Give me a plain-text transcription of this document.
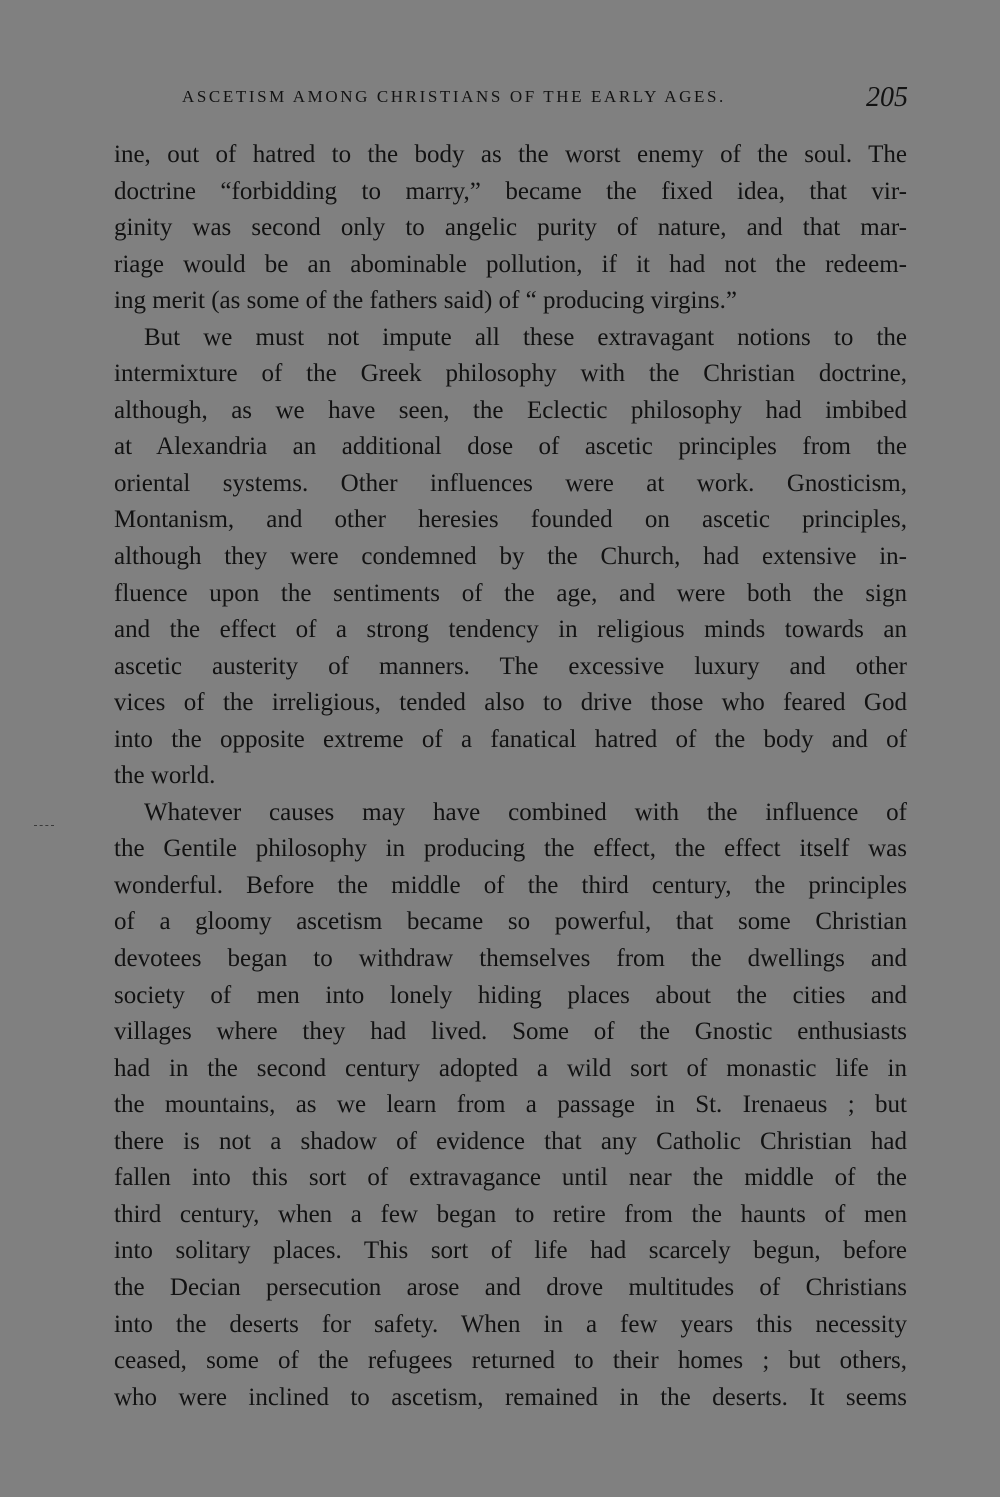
ASCETISM AMONG CHRISTIANS OF THE EARLY AGES.	205
ine, out of hatred to the body as the worst enemy of the soul. The
doctrine “forbidding to marry,” became the fixed idea, that vir-
ginity was second only to angelic purity of nature, and that mar-
riage would be an abominable pollution, if it had not the redeem-
ing merit (as some of the fathers said) of “ producing virgins.”
But we must not impute all these extravagant notions to the
intermixture of the Greek philosophy with the Christian doctrine,
although, as we have seen, the Eclectic philosophy had imbibed
at Alexandria an additional dose of ascetic principles from the
oriental systems. Other influences were at work. Gnosticism,
Montanism, and other heresies founded on ascetic principles,
although they were condemned by the Church, had extensive in-
fluence upon the sentiments of the age, and were both the sign
and the effect of a strong tendency in religious minds towards an
ascetic austerity of manners. The excessive luxury and other
vices of the irreligious, tended also to drive those who feared God
into the opposite extreme of a fanatical hatred of the body and of
the world.
Whatever causes may have combined with the influence of
the Gentile philosophy in producing the effect, the effect itself was
wonderful. Before the middle of the third century, the principles
of a gloomy ascetism became so powerful, that some Christian
devotees began to withdraw themselves from the dwellings and
society of men into lonely hiding places about the cities and
villages where they had lived. Some of the Gnostic enthusiasts
had in the second century adopted a wild sort of monastic life in
the mountains, as we learn from a passage in St. Irenaeus ; but
there is not a shadow of evidence that any Catholic Christian had
fallen into this sort of extravagance until near the middle of the
third century, when a few began to retire from the haunts of men
into solitary places. This sort of life had scarcely begun, before
the Decian persecution arose and drove multitudes of Christians
into the deserts for safety. When in a few years this necessity
ceased, some of the refugees returned to their homes ; but others,
who were inclined to ascetism, remained in the deserts. It seems
